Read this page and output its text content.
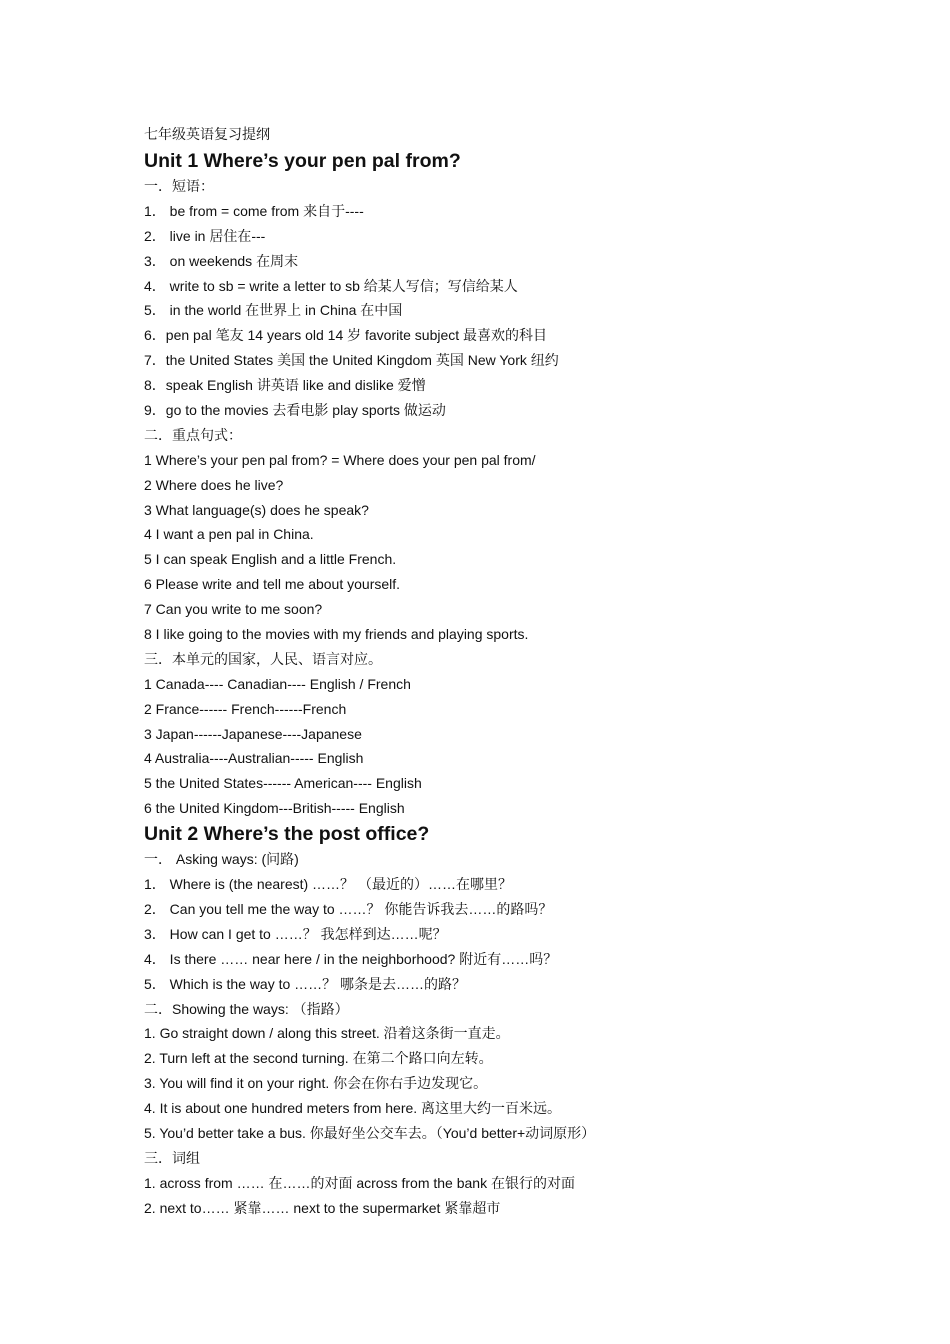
七年级英语复习提纲
Unit 1 Where’s your pen pal from?
一．短语：
1． be from = come from 来自于----
2． live in 居住在---
3． on weekends 在周末
4． write to sb = write a letter to sb 给某人写信；写信给某人
5． in the world 在世界上 in China 在中国
6．pen pal 笔友 14 years old 14 岁 favorite subject 最喜欢的科目
7．the United States 美国 the United Kingdom 英国 New York 纽约
8．speak English 讲英语 like and dislike 爱憎
9．go to the movies 去看电影 play sports 做运动
二．重点句式：
1 Where’s your pen pal from? = Where does your pen pal from/
2 Where does he live?
3 What language(s) does he speak?
4 I want a pen pal in China.
5 I can speak English and a little French.
6 Please write and tell me about yourself.
7 Can you write to me soon?
8 I like going to the movies with my friends and playing sports.
三．本单元的国家，人民、语言对应。
1 Canada---- Canadian---- English / French
2 France------ French------French
3 Japan------Japanese----Japanese
4 Australia----Australian----- English
5 the United States------ American---- English
6 the United Kingdom---British----- English
Unit 2 Where’s the post office?
一． Asking ways: (问路)
1． Where is (the nearest) ……？ （最近的）……在哪里？
2． Can you tell me the way to ……？ 你能告诉我去……的路吗？
3． How can I get to ……？ 我怎样到达……呢？
4． Is there …… near here / in the neighborhood? 附近有……吗？
5． Which is the way to ……？ 哪条是去……的路？
二．Showing the ways: （指路）
1. Go straight down / along this street. 沿着这条街一直走。
2. Turn left at the second turning. 在第二个路口向左转。
3. You will find it on your right. 你会在你右手边发现它。
4. It is about one hundred meters from here. 离这里大约一百米远。
5. You’d better take a bus. 你最好坐公交车去。（You’d better+动词原形）
三．词组
1. across from …… 在……的对面 across from the bank 在银行的对面
2. next to…… 紧靠…… next to the supermarket 紧靠超市
